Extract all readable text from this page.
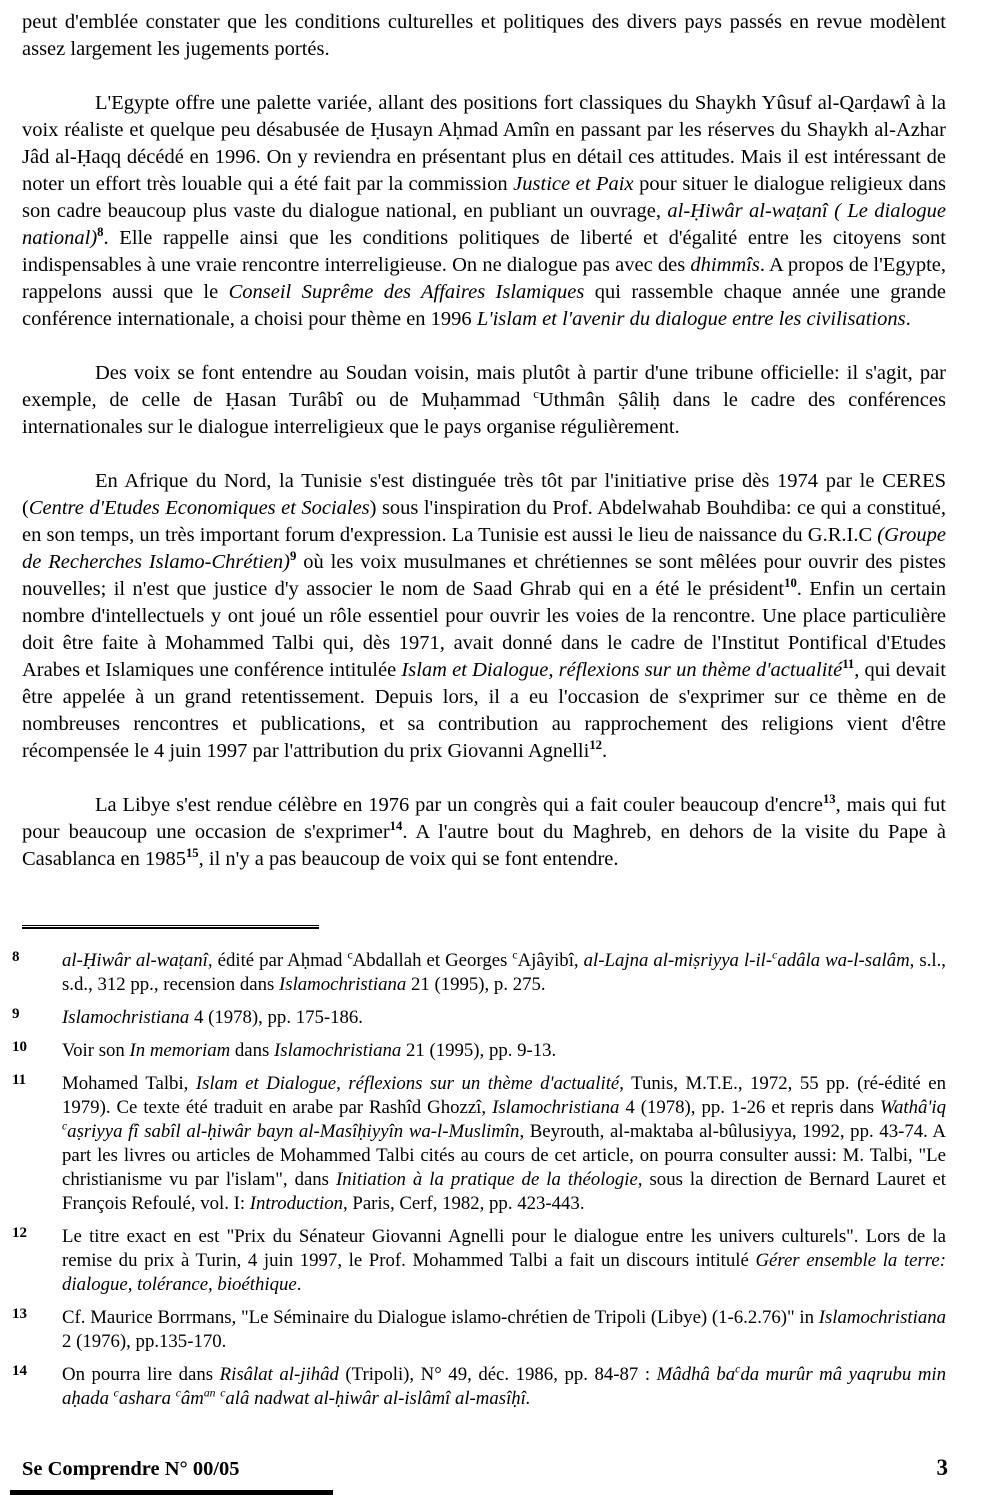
peut d'emblée constater que les conditions culturelles et politiques des divers pays passés en revue modèlent assez largement les jugements portés.

L'Egypte offre une palette variée, allant des positions fort classiques du Shaykh Yûsuf al-Qarḍawî à la voix réaliste et quelque peu désabusée de Ḥusayn Aḥmad Amîn en passant par les réserves du Shaykh al-Azhar Jâd al-Ḥaqq décédé en 1996. On y reviendra en présentant plus en détail ces attitudes. Mais il est intéressant de noter un effort très louable qui a été fait par la commission Justice et Paix pour situer le dialogue religieux dans son cadre beaucoup plus vaste du dialogue national, en publiant un ouvrage, al-Ḥiwâr al-waṭanî ( Le dialogue national)$^8$. Elle rappelle ainsi que les conditions politiques de liberté et d'égalité entre les citoyens sont indispensables à une vraie rencontre interreligieuse. On ne dialogue pas avec des dhimmîs. A propos de l'Egypte, rappelons aussi que le Conseil Suprême des Affaires Islamiques qui rassemble chaque année une grande conférence internationale, a choisi pour thème en 1996 L'islam et l'avenir du dialogue entre les civilisations.

Des voix se font entendre au Soudan voisin, mais plutôt à partir d'une tribune officielle: il s'agit, par exemple, de celle de Ḥasan Turâbî ou de Muḥammad $^c$Uthmân Ṣâliḥ dans le cadre des conférences internationales sur le dialogue interreligieux que le pays organise régulièrement.

En Afrique du Nord, la Tunisie s'est distinguée très tôt par l'initiative prise dès 1974 par le CERES (Centre d'Etudes Economiques et Sociales) sous l'inspiration du Prof. Abdelwahab Bouhdiba: ce qui a constitué, en son temps, un très important forum d'expression. La Tunisie est aussi le lieu de naissance du G.R.I.C (Groupe de Recherches Islamo-Chrétien)$^9$ où les voix musulmanes et chrétiennes se sont mêlées pour ouvrir des pistes nouvelles; il n'est que justice d'y associer le nom de Saad Ghrab qui en a été le président$^{10}$. Enfin un certain nombre d'intellectuels y ont joué un rôle essentiel pour ouvrir les voies de la rencontre. Une place particulière doit être faite à Mohammed Talbi qui, dès 1971, avait donné dans le cadre de l'Institut Pontifical d'Etudes Arabes et Islamiques une conférence intitulée Islam et Dialogue, réflexions sur un thème d'actualité$^{11}$, qui devait être appelée à un grand retentissement. Depuis lors, il a eu l'occasion de s'exprimer sur ce thème en de nombreuses rencontres et publications, et sa contribution au rapprochement des religions vient d'être récompensée le 4 juin 1997 par l'attribution du prix Giovanni Agnelli$^{12}$.

La Libye s'est rendue célèbre en 1976 par un congrès qui a fait couler beaucoup d'encre$^{13}$, mais qui fut pour beaucoup une occasion de s'exprimer$^{14}$. A l'autre bout du Maghreb, en dehors de la visite du Pape à Casablanca en 1985$^{15}$, il n'y a pas beaucoup de voix qui se font entendre.

8	al-Ḥiwâr al-waṭanî, édité par Aḥmad $^c$Abdallah et Georges $^c$Ajâyibî, al-Lajna al-miṣriyya l-il-$^c$adâla wa-l-salâm, s.l., s.d., 312 pp., recension dans Islamochristiana 21 (1995), p. 275.
9	Islamochristiana 4 (1978), pp. 175-186.
10	Voir son In memoriam dans Islamochristiana 21 (1995), pp. 9-13.
11	Mohamed Talbi, Islam et Dialogue, réflexions sur un thème d'actualité, Tunis, M.T.E., 1972, 55 pp. (ré-édité en 1979). Ce texte été traduit en arabe par Rashîd Ghozzî, Islamochristiana 4 (1978), pp. 1-26 et repris dans Wathâ'iq $^c$aṣriyya fî sabîl al-ḥiwâr bayn al-Masîḥiyyîn wa-l-Muslimîn, Beyrouth, al-maktaba al-bûlusiyya, 1992, pp. 43-74. A part les livres ou articles de Mohammed Talbi cités au cours de cet article, on pourra consulter aussi: M. Talbi, "Le christianisme vu par l'islam", dans Initiation à la pratique de la théologie, sous la direction de Bernard Lauret et François Refoulé, vol. I: Introduction, Paris, Cerf, 1982, pp. 423-443.
12	Le titre exact en est "Prix du Sénateur Giovanni Agnelli pour le dialogue entre les univers culturels". Lors de la remise du prix à Turin, 4 juin 1997, le Prof. Mohammed Talbi a fait un discours intitulé Gérer ensemble la terre: dialogue, tolérance, bioéthique.
13	Cf. Maurice Borrmans, "Le Séminaire du Dialogue islamo-chrétien de Tripoli (Libye) (1-6.2.76)" in Islamochristiana 2 (1976), pp.135-170.
14	On pourra lire dans Risâlat al-jihâd (Tripoli), N° 49, déc. 1986, pp. 84-87 : Mâdhâ $ba^cda$ murûr mâ yaqrubu min aḥada $^c$ashara $^câm^{an}$ $^c$alâ nadwat al-ḥiwâr al-islâmî al-masîḥî.
Se Comprendre N° 00/05	3
